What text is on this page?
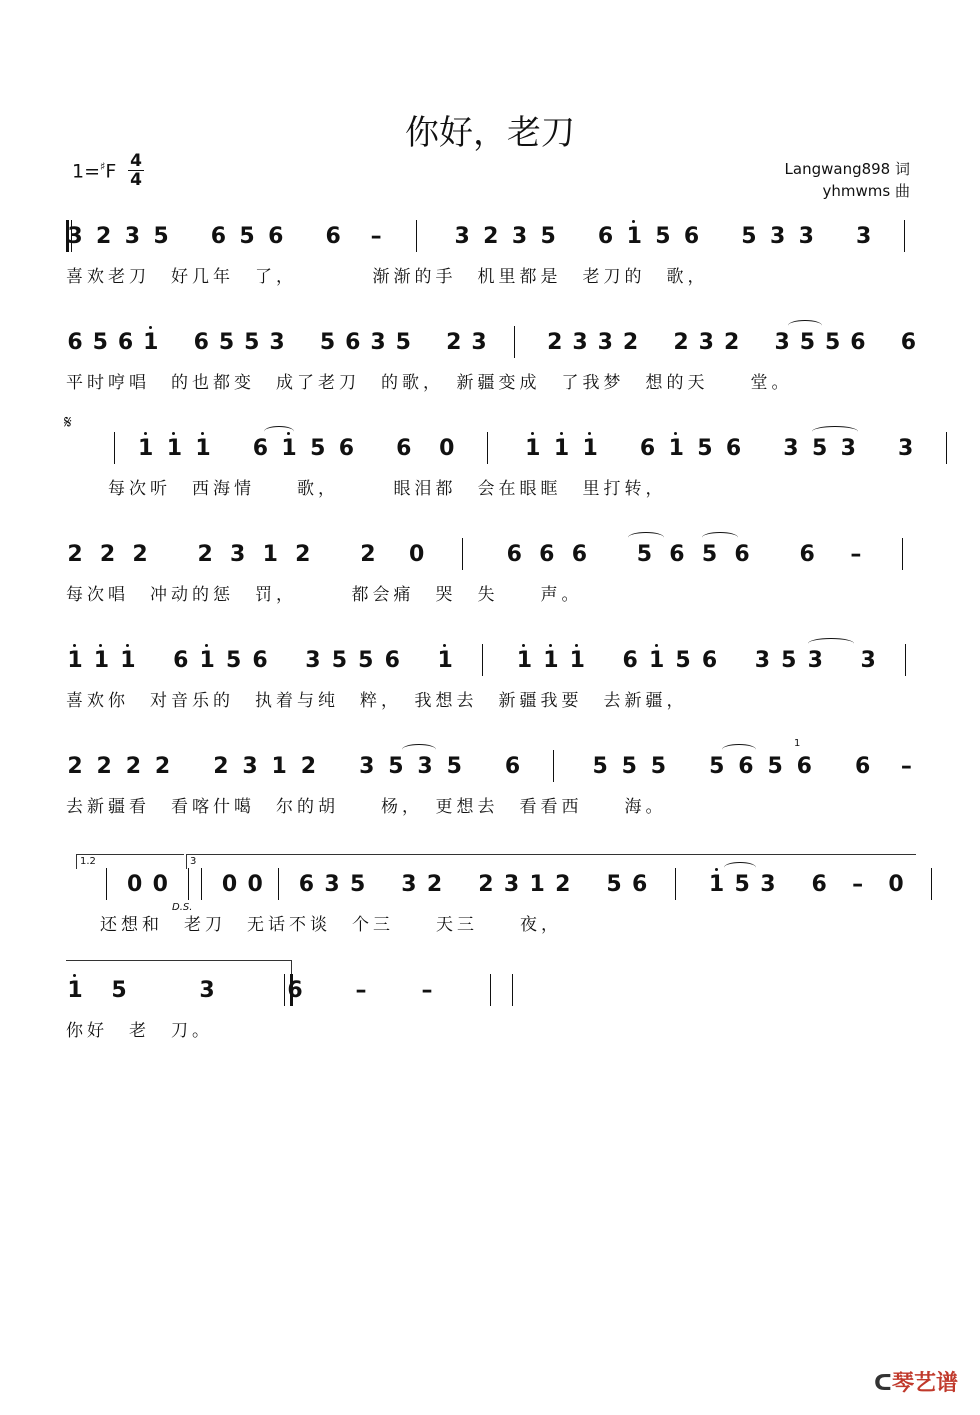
你好，老刀
1=♯F 4
4
Langwang898 词
yhmwms 曲
3 2 3 5 6 5 6 6 –	3 2 3 5 6 1 5 6 5 3 3 3
喜欢老刀　好几年　了，　　　　渐渐的手　机里都是　老刀的　歌，
6 5 6 1 6 5 5 3 5 6 3 5 2 3	2 3 3 2 2 3 2 3 5 5 6 6
平时哼唱　的也都变　成了老刀　的歌，　新疆变成　了我梦　想的天　　堂。
1 1 1 6 1 5 6 6 0	1 1 1 6 1 5 6 3 5 3 3
每次听　西海情　　歌，　　　眼泪都　会在眼眶　里打转，
2 2 2 2 3 1 2 2 0	6 6 6 5 6 5 6 6 –
每次唱　冲动的惩　罚，　　　都会痛　哭　失　　声。
1 1 1 6 1 5 6 3 5 5 6 1	1 1 1 6 1 5 6 3 5 3 3
喜欢你　对音乐的　执着与纯　粹，　我想去　新疆我要　去新疆，
2 2 2 2 2 3 1 2 3 5 3 5 6	5 5 5 5 6 5 6 6 –
去新疆看　看喀什噶　尔的胡　　杨，　更想去　看看西　　海。
0 0 0 0 6 3 5 3 2 2 3 1 2 5 6	1 5 3 6 – 0
还想和　老刀　无话不谈　个三　　天三　　夜，
1 5	3	6 –	–
你好　老　刀。
𝄋
1.2	3
D.S.
1
ᑕ琴艺谱
